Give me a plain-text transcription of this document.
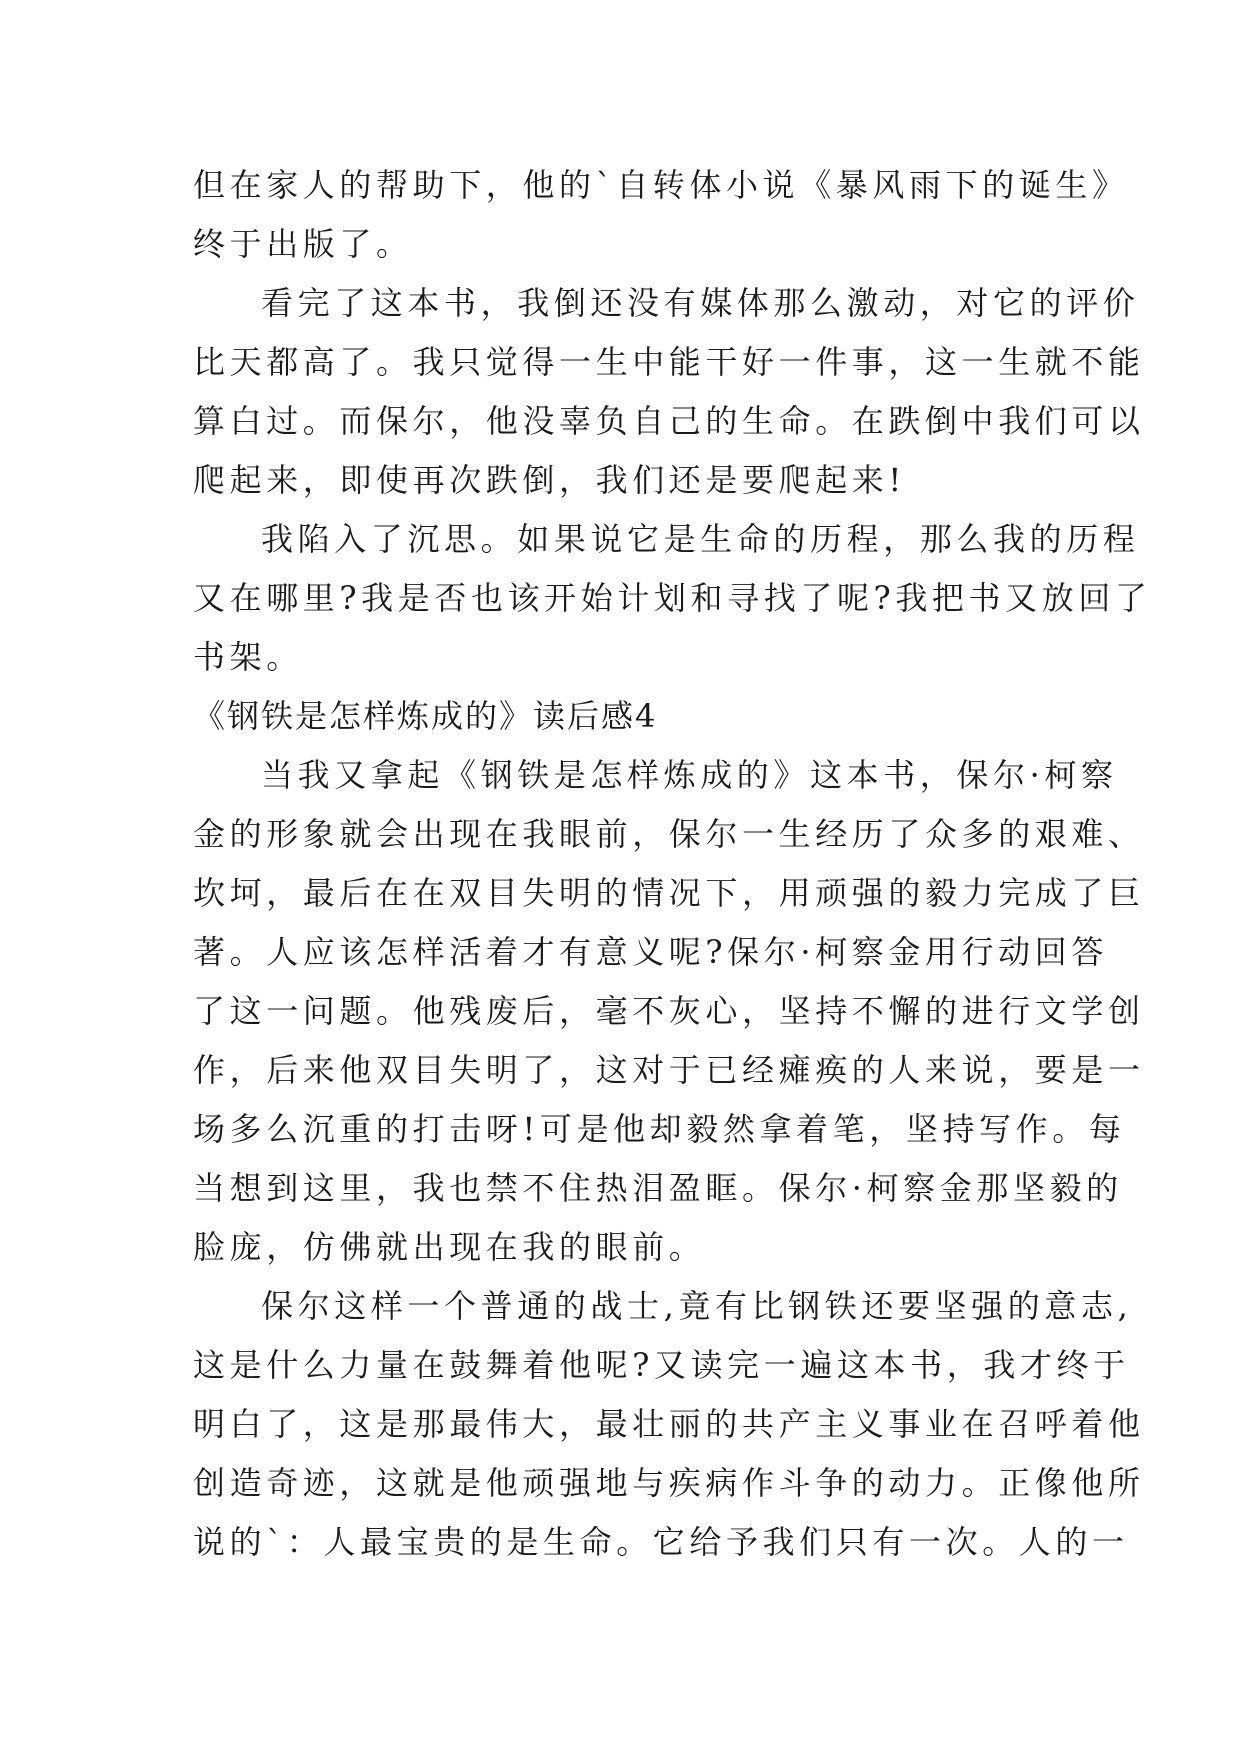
但在家人的帮助下，他的`自转体小说《暴风雨下的诞生》
终于出版了。
看完了这本书，我倒还没有媒体那么激动，对它的评价
比天都高了。我只觉得一生中能干好一件事，这一生就不能
算白过。而保尔，他没辜负自己的生命。在跌倒中我们可以
爬起来，即使再次跌倒，我们还是要爬起来!
我陷入了沉思。如果说它是生命的历程，那么我的历程
又在哪里?我是否也该开始计划和寻找了呢?我把书又放回了
书架。
《钢铁是怎样炼成的》读后感4
当我又拿起《钢铁是怎样炼成的》这本书，保尔·柯察
金的形象就会出现在我眼前，保尔一生经历了众多的艰难、
坎坷，最后在在双目失明的情况下，用顽强的毅力完成了巨
著。人应该怎样活着才有意义呢?保尔·柯察金用行动回答
了这一问题。他残废后，毫不灰心，坚持不懈的进行文学创
作，后来他双目失明了，这对于已经瘫痪的人来说，要是一
场多么沉重的打击呀!可是他却毅然拿着笔，坚持写作。每
当想到这里，我也禁不住热泪盈眶。保尔·柯察金那坚毅的
脸庞，仿佛就出现在我的眼前。
保尔这样一个普通的战士,竟有比钢铁还要坚强的意志,
这是什么力量在鼓舞着他呢?又读完一遍这本书，我才终于
明白了，这是那最伟大，最壮丽的共产主义事业在召呼着他
创造奇迹，这就是他顽强地与疾病作斗争的动力。正像他所
说的`：人最宝贵的是生命。它给予我们只有一次。人的一
